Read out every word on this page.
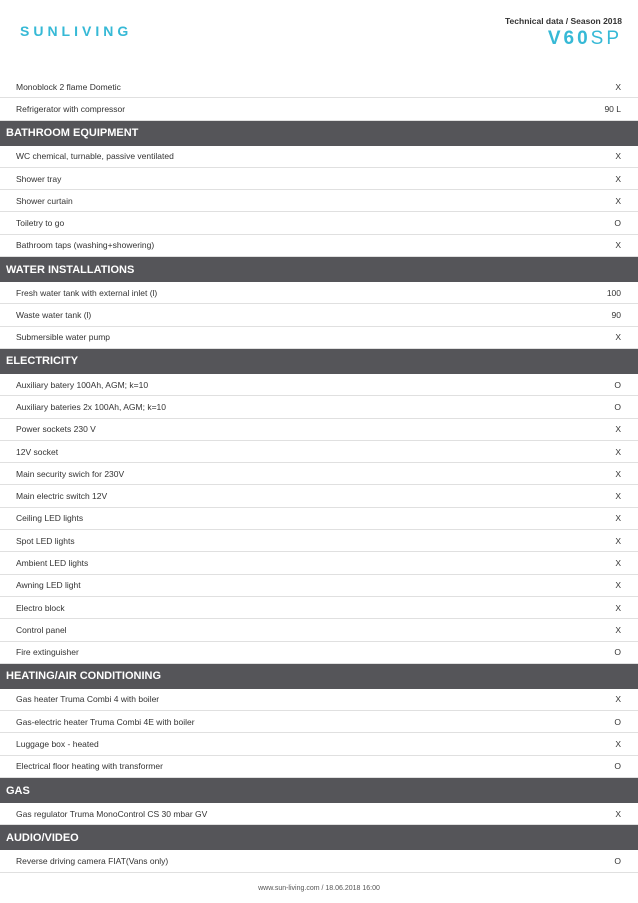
SUNLIVING
Technical data / Season 2018
V60SP
Monoblock 2 flame Dometic	X
Refrigerator with compressor	90 L
BATHROOM EQUIPMENT
WC chemical, turnable, passive ventilated	X
Shower tray	X
Shower curtain	X
Toiletry to go	O
Bathroom taps (washing+showering)	X
WATER INSTALLATIONS
Fresh water tank with external inlet (l)	100
Waste water tank (l)	90
Submersible water pump	X
ELECTRICITY
Auxiliary batery 100Ah, AGM; k=10	O
Auxiliary bateries 2x 100Ah, AGM; k=10	O
Power sockets 230 V	X
12V socket	X
Main security swich for 230V	X
Main electric switch 12V	X
Ceiling LED lights	X
Spot LED lights	X
Ambient LED lights	X
Awning LED light	X
Electro block	X
Control panel	X
Fire extinguisher	O
HEATING/AIR CONDITIONING
Gas heater Truma Combi 4 with boiler	X
Gas-electric heater Truma Combi 4E with boiler	O
Luggage box - heated	X
Electrical floor heating with transformer	O
GAS
Gas regulator Truma MonoControl CS 30 mbar GV	X
AUDIO/VIDEO
Reverse driving camera FIAT(Vans only)	O
www.sun-living.com / 18.06.2018 16:00
